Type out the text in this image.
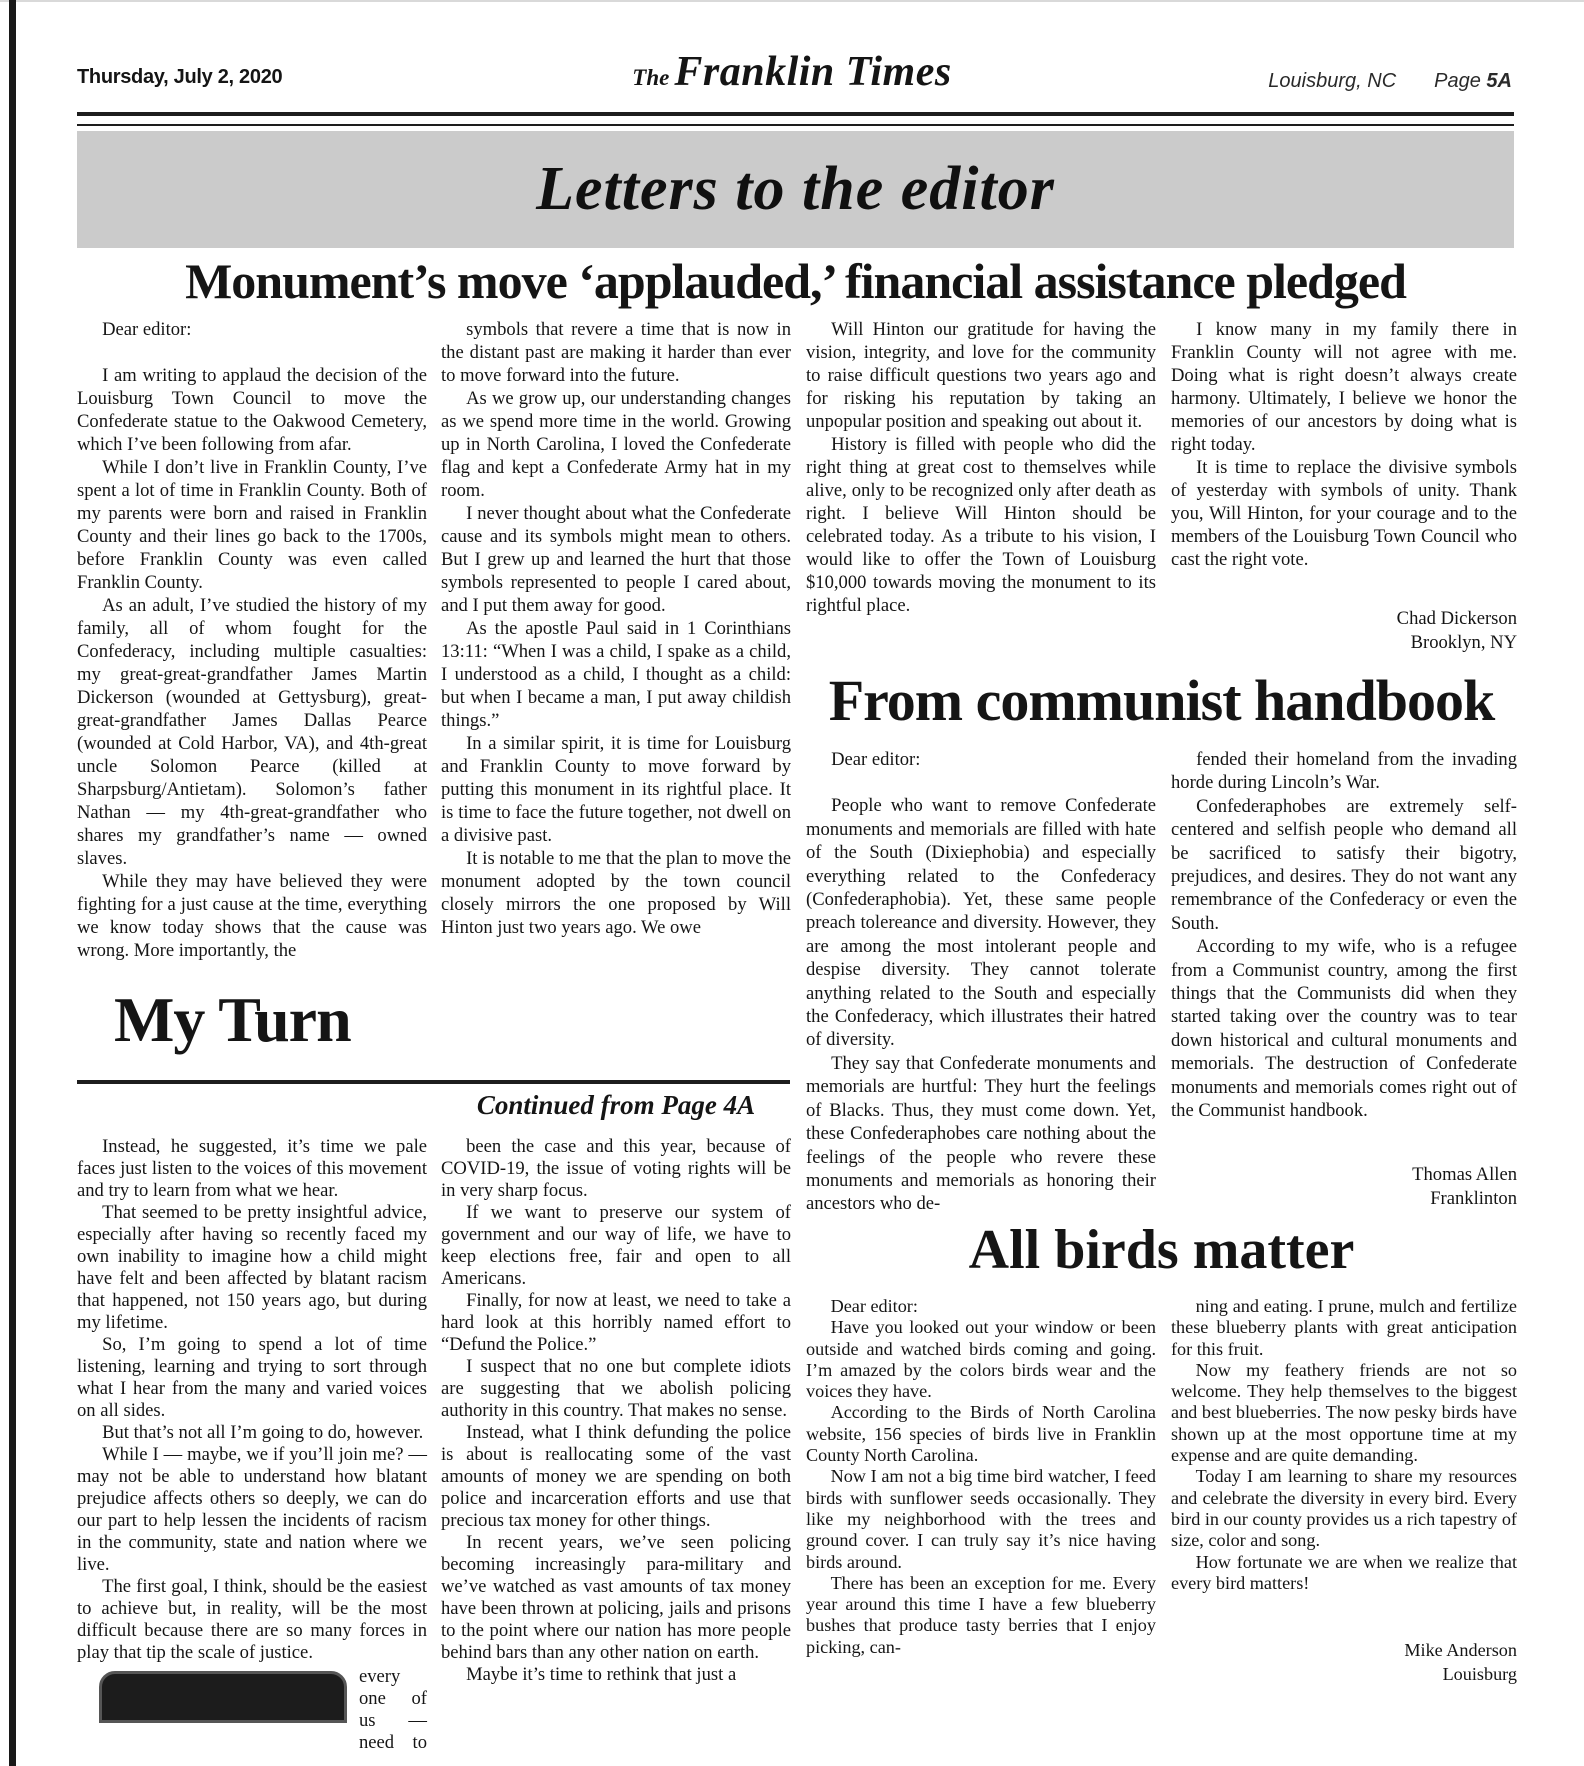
Thursday, July 2, 2020	The Franklin Times	Louisburg, NC Page 5A
Letters to the editor
Monument’s move ‘applauded,’ financial assistance pledged

Dear editor:

I am writing to applaud the decision of the Louisburg Town Council to move the Confederate statue to the Oakwood Cemetery, which I’ve been following from afar.

While I don’t live in Franklin County, I’ve spent a lot of time in Franklin County. Both of my parents were born and raised in Franklin County and their lines go back to the 1700s, before Franklin County was even called Franklin County.

As an adult, I’ve studied the history of my family, all of whom fought for the Confederacy, including multiple casualties: my great-great-grandfather James Martin Dickerson (wounded at Gettysburg), great-great-grandfather James Dallas Pearce (wounded at Cold Harbor, VA), and 4th-great uncle Solomon Pearce (killed at Sharpsburg/Antietam). Solomon’s father Nathan — my 4th-great-grandfather who shares my grandfather’s name — owned slaves.

While they may have believed they were fighting for a just cause at the time, everything we know today shows that the cause was wrong. More importantly, the

symbols that revere a time that is now in the distant past are making it harder than ever to move forward into the future.

As we grow up, our understanding changes as we spend more time in the world. Growing up in North Carolina, I loved the Confederate flag and kept a Confederate Army hat in my room.

I never thought about what the Confederate cause and its symbols might mean to others. But I grew up and learned the hurt that those symbols represented to people I cared about, and I put them away for good.

As the apostle Paul said in 1 Corinthians 13:11: “When I was a child, I spake as a child, I understood as a child, I thought as a child: but when I became a man, I put away childish things.”

In a similar spirit, it is time for Louisburg and Franklin County to move forward by putting this monument in its rightful place. It is time to face the future together, not dwell on a divisive past.

It is notable to me that the plan to move the monument adopted by the town council closely mirrors the one proposed by Will Hinton just two years ago. We owe

Will Hinton our gratitude for having the vision, integrity, and love for the community to raise difficult questions two years ago and for risking his reputation by taking an unpopular position and speaking out about it.

History is filled with people who did the right thing at great cost to themselves while alive, only to be recognized only after death as right. I believe Will Hinton should be celebrated today. As a tribute to his vision, I would like to offer the Town of Louisburg $10,000 towards moving the monument to its rightful place.

I know many in my family there in Franklin County will not agree with me. Doing what is right doesn’t always create harmony. Ultimately, I believe we honor the memories of our ancestors by doing what is right today.

It is time to replace the divisive symbols of yesterday with symbols of unity. Thank you, Will Hinton, for your courage and to the members of the Louisburg Town Council who cast the right vote.

Chad Dickerson
Brooklyn, NY
From communist handbook

Dear editor:

People who want to remove Confederate monuments and memorials are filled with hate of the South (Dixiephobia) and especially everything related to the Confederacy (Confederaphobia). Yet, these same people preach tolereance and diversity. However, they are among the most intolerant people and despise diversity. They cannot tolerate anything related to the South and especially the Confederacy, which illustrates their hatred of diversity.

They say that Confederate monuments and memorials are hurtful: They hurt the feelings of Blacks. Thus, they must come down. Yet, these Confederaphobes care nothing about the feelings of the people who revere these monuments and memorials as honoring their ancestors who de-

fended their homeland from the invading horde during Lincoln’s War.

Confederaphobes are extremely self-centered and selfish people who demand all be sacrificed to satisfy their bigotry, prejudices, and desires. They do not want any remembrance of the Confederacy or even the South.

According to my wife, who is a refugee from a Communist country, among the first things that the Communists did when they started taking over the country was to tear down historical and cultural monuments and memorials. The destruction of Confederate monuments and memorials comes right out of the Communist handbook.

Thomas Allen
Franklinton
My Turn
Continued from Page 4A

Instead, he suggested, it’s time we pale faces just listen to the voices of this movement and try to learn from what we hear.

That seemed to be pretty insightful advice, especially after having so recently faced my own inability to imagine how a child might have felt and been affected by blatant racism that happened, not 150 years ago, but during my lifetime.

So, I’m going to spend a lot of time listening, learning and trying to sort through what I hear from the many and varied voices on all sides.

But that’s not all I’m going to do, however.

While I — maybe, we if you’ll join me? — may not be able to understand how blatant prejudice affects others so deeply, we can do our part to help lessen the incidents of racism in the community, state and nation where we live.

The first goal, I think, should be the easiest to achieve but, in reality, will be the most difficult because there are so many forces in play that tip the scale of justice.

every one of us — need to

been the case and this year, because of COVID-19, the issue of voting rights will be in very sharp focus.

If we want to preserve our system of government and our way of life, we have to keep elections free, fair and open to all Americans.

Finally, for now at least, we need to take a hard look at this horribly named effort to “Defund the Police.”

I suspect that no one but complete idiots are suggesting that we abolish policing authority in this country. That makes no sense.

Instead, what I think defunding the police is about is reallocating some of the vast amounts of money we are spending on both police and incarceration efforts and use that precious tax money for other things.

In recent years, we’ve seen policing becoming increasingly para-military and we’ve watched as vast amounts of tax money have been thrown at policing, jails and prisons to the point where our nation has more people behind bars than any other nation on earth.

Maybe it’s time to rethink that just a

All birds matter

Dear editor:

Have you looked out your window or been outside and watched birds coming and going. I’m amazed by the colors birds wear and the voices they have.

According to the Birds of North Carolina website, 156 species of birds live in Franklin County North Carolina.

Now I am not a big time bird watcher, I feed birds with sunflower seeds occasionally. They like my neighborhood with the trees and ground cover. I can truly say it’s nice having birds around.

There has been an exception for me. Every year around this time I have a few blueberry bushes that produce tasty berries that I enjoy picking, can-

ning and eating. I prune, mulch and fertilize these blueberry plants with great anticipation for this fruit.

Now my feathery friends are not so welcome. They help themselves to the biggest and best blueberries. The now pesky birds have shown up at the most opportune time at my expense and are quite demanding.

Today I am learning to share my resources and celebrate the diversity in every bird. Every bird in our county provides us a rich tapestry of size, color and song.

How fortunate we are when we realize that every bird matters!

Mike Anderson
Louisburg
